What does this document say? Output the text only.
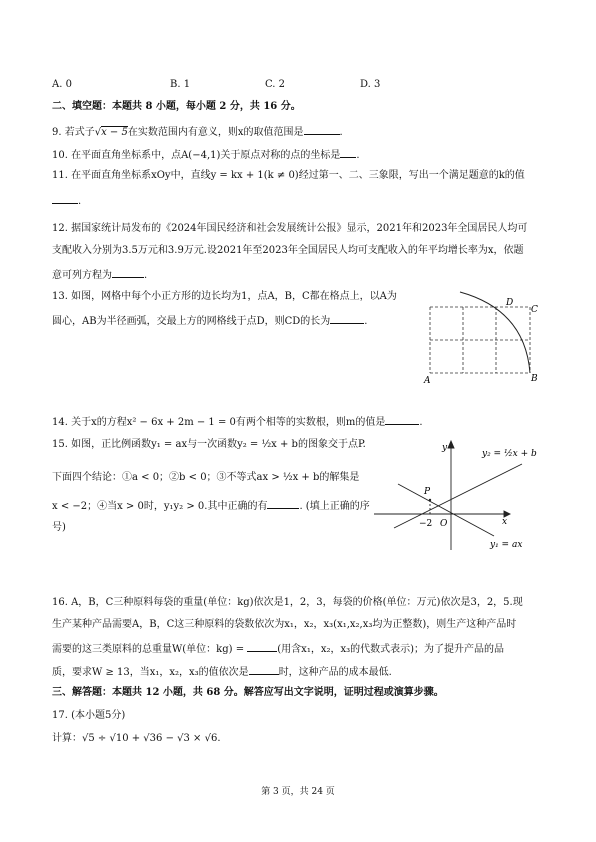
A. 0	B. 1	C. 2	D. 3
二、填空题：本题共 8 小题，每小题 2 分，共 16 分。
9. 若式子√x − 5在实数范围内有意义，则x的取值范围是	.
10. 在平面直角坐标系中，点A(−4,1)关于原点对称的点的坐标是 .
11. 在平面直角坐标系xOy中，直线y = kx + 1(k ≠ 0)经过第一、二、三象限，写出一个满足题意的k的值
.
12. 据国家统计局发布的《2024年国民经济和社会发展统计公报》显示，2021年和2023年全国居民人均可
支配收入分别为3.5万元和3.9万元.设2021年至2023年全国居民人均可支配收入的年平均增长率为x，依题
意可列方程为	.
13. 如图，网格中每个小正方形的边长均为1，点A，B，C都在格点上，以A为
圆心，AB为半径画弧，交最上方的网格线于点D，则CD的长为	.
A	B
C
D
14. 关于x的方程x² − 6x + 2m − 1 = 0有两个相等的实数根，则m的值是	.
15. 如图，正比例函数y₁ = ax与一次函数y₂ = ½x + b的图象交于点P.
下面四个结论：①a < 0；②b < 0；③不等式ax > ½x + b的解集是
x < −2；④当x > 0时，y₁y₂ > 0.其中正确的有	. (填上正确的序
号)
y₂ = ½x + b
y₁ = ax
P
O
−2	x
y
16. A，B，C三种原料每袋的重量(单位：kg)依次是1，2，3，每袋的价格(单位：万元)依次是3，2，5.现
生产某种产品需要A，B，C这三种原料的袋数依次为x₁，x₂，x₃(x₁,x₂,x₃均为正整数)，则生产这种产品时
需要的这三类原料的总重量W(单位：kg) =	(用含x₁，x₂，x₃的代数式表示)；为了提升产品的品
质，要求W ≥ 13，当x₁，x₂，x₃的值依次是	时，这种产品的成本最低.
三、解答题：本题共 12 小题，共 68 分。解答应写出文字说明，证明过程或演算步骤。
17. (本小题5分)
计算：√5 ÷ √10 + √36 − √3 × √6.
第 3 页，共 24 页
